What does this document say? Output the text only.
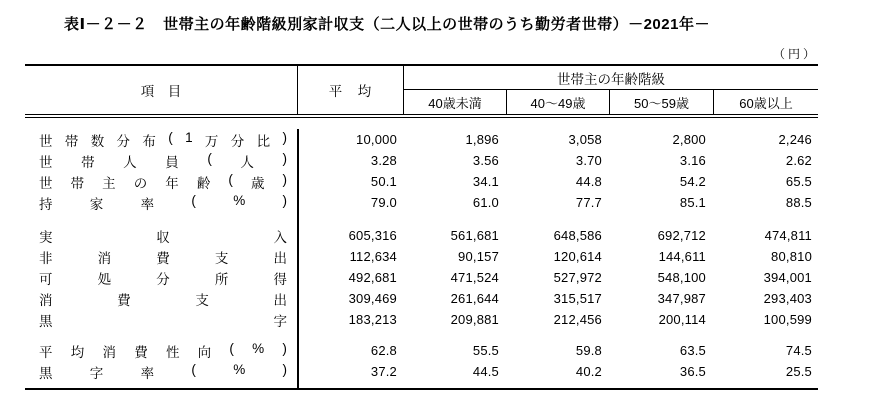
表Ⅰ－２－２　世帯主の年齢階級別家計収支（二人以上の世帯のうち勤労者世帯）－2021年－
（円）
項　目	平　均
世帯主の年齢階級
40歳未満	40〜49歳	50〜59歳	60歳以上
世 帯 数 分 布 ( 1 万 分 比 )	10,000	1,896	3,058	2,800	2,246
世 帯 人 員 ( 人 )	3.28	3.56	3.70	3.16	2.62
世 帯 主 の 年 齢 ( 歳 )	50.1	34.1	44.8	54.2	65.5
持	家	率	(	%	)	79.0	61.0	77.7	85.1	88.5
実	収	入	605,316	561,681	648,586	692,712	474,811
非	消	費	支	出	112,634	90,157	120,614	144,611	80,810
可	処	分	所	得	492,681	471,524	527,972	548,100	394,001
消	費	支	出	309,469	261,644	315,517	347,987	293,403
黒	字	183,213	209,881	212,456	200,114	100,599
平 均 消 費 性 向 ( % )	62.8	55.5	59.8	63.5	74.5
黒	字	率	(	%	)	37.2	44.5	40.2	36.5	25.5
